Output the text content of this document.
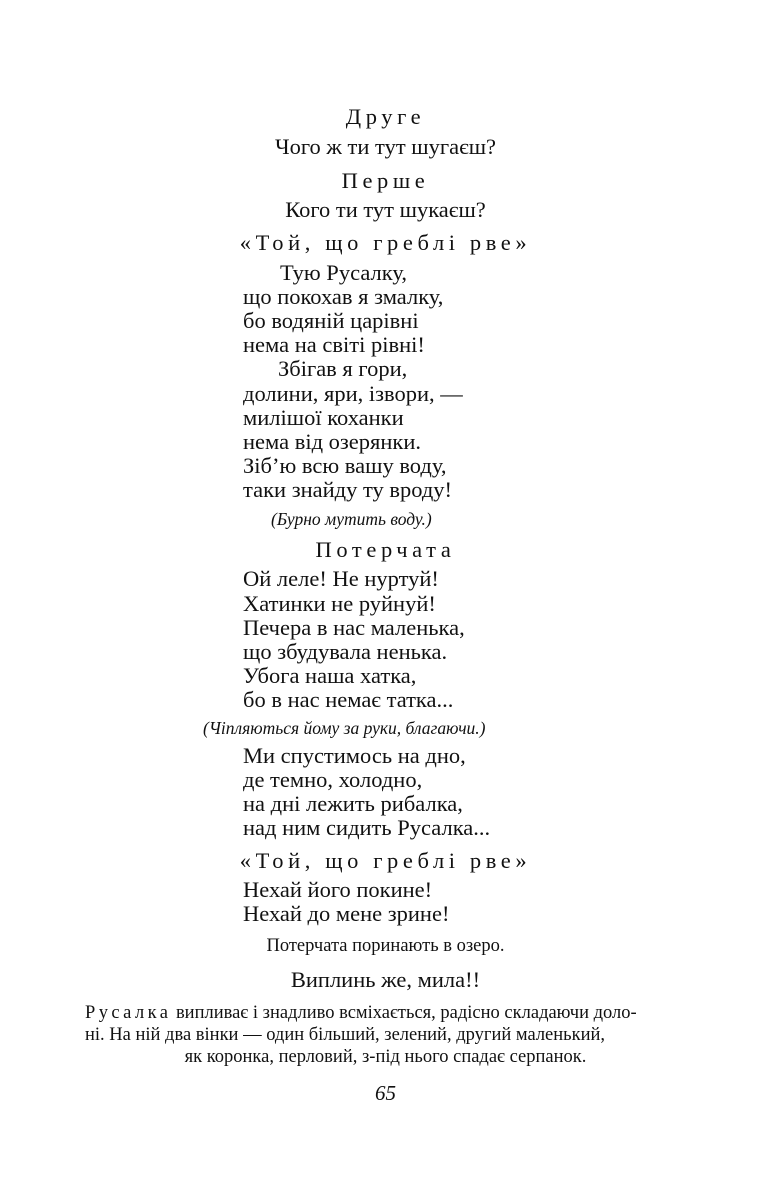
Друге
Чого ж ти тут шугаєш?
Перше
Кого ти тут шукаєш?
«Той, що греблі рве»
Тую Русалку,
що покохав я змалку,
бо водяній царівні
нема на світі рівні!
Збігав я гори,
долини, яри, ізвори, —
милішої коханки
нема від озерянки.
Зіб’ю всю вашу воду,
таки знайду ту вроду!
(Бурно мутить воду.)
Потерчата
Ой леле! Не нуртуй!
Хатинки не руйнуй!
Печера в нас маленька,
що збудувала ненька.
Убога наша хатка,
бо в нас немає татка...
(Чіпляються йому за руки, благаючи.)
Ми спустимось на дно,
де темно, холодно,
на дні лежить рибалка,
над ним сидить Русалка...
«Той, що греблі рве»
Нехай його покине!
Нехай до мене зрине!
Потерчата поринають в озеро.
Виплинь же, мила!!
Русалка випливає і знадливо всміхається, радісно складаючи доло-
ні. На ній два вінки — один більший, зелений, другий маленький,
як коронка, перловий, з-під нього спадає серпанок.
65
